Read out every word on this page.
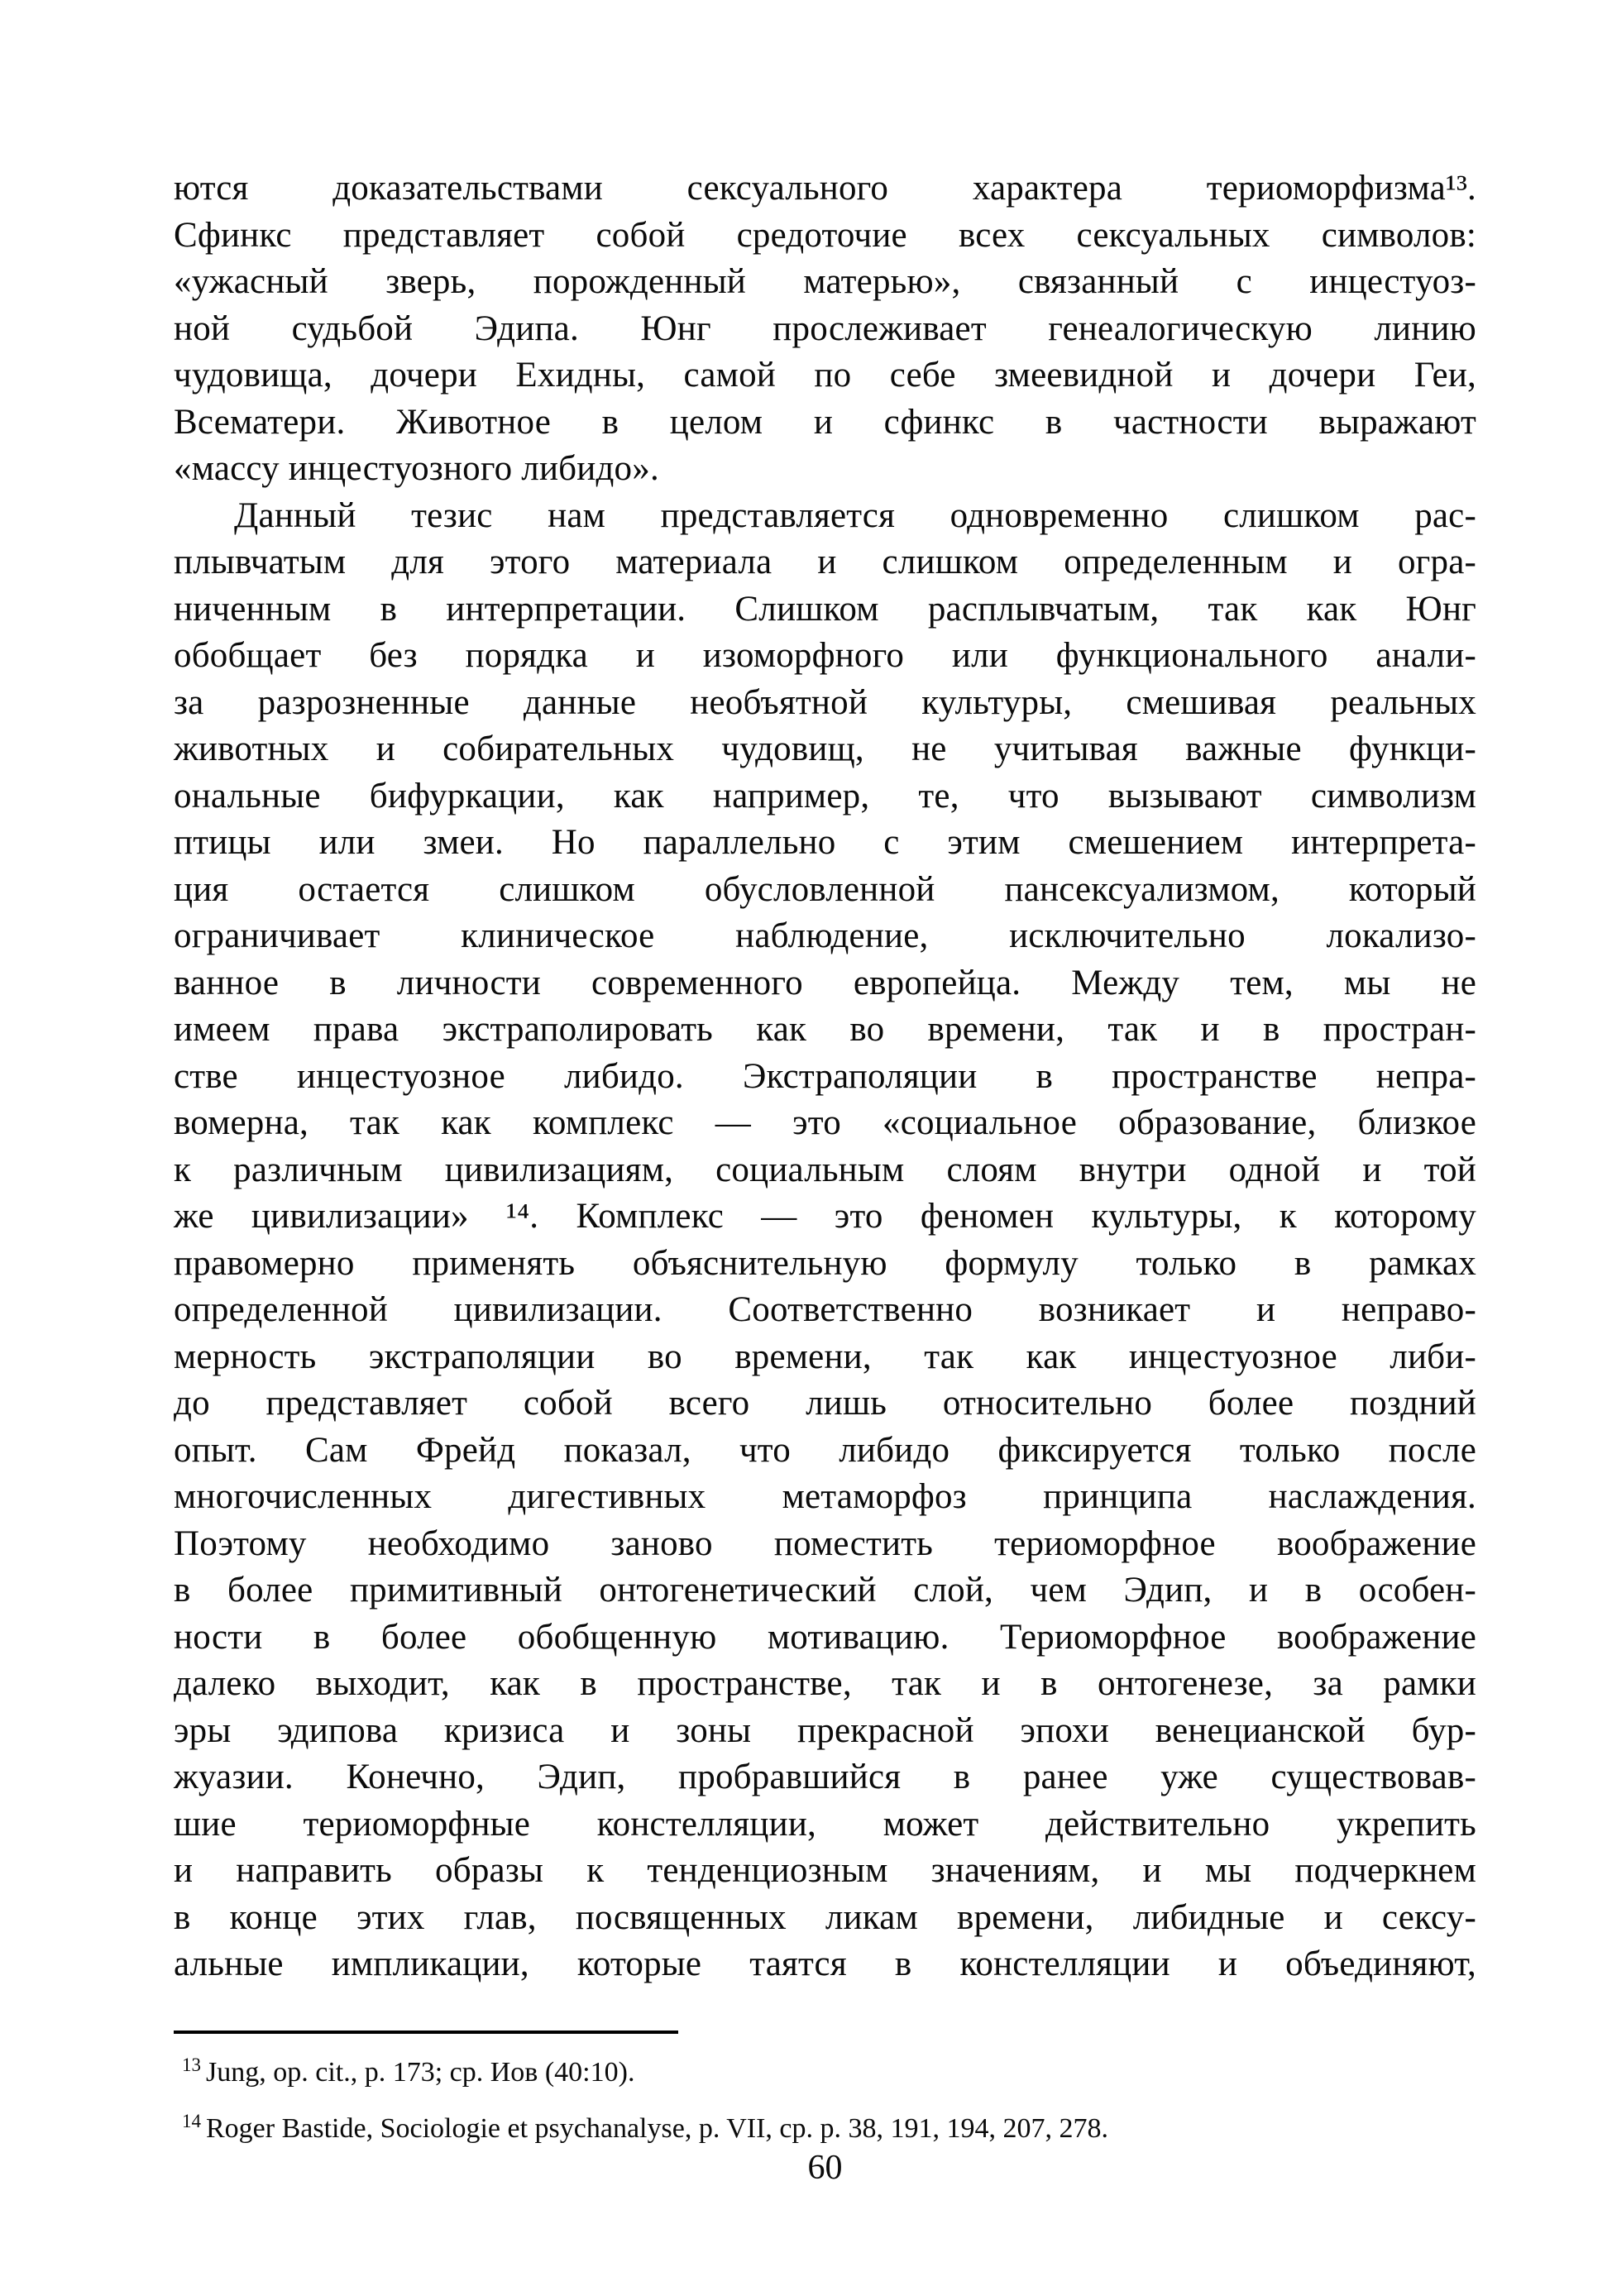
ются доказательствами сексуального характера териоморфизма¹³.
Сфинкс представляет собой средоточие всех сексуальных символов:
«ужасный зверь, порожденный матерью», связанный с инцестуоз-
ной судьбой Эдипа. Юнг прослеживает генеалогическую линию
чудовища, дочери Ехидны, самой по себе змеевидной и дочери Геи,
Всематери. Животное в целом и сфинкс в частности выражают
«массу инцестуозного либидо».
Данный тезис нам представляется одновременно слишком рас-
плывчатым для этого материала и слишком определенным и огра-
ниченным в интерпретации. Слишком расплывчатым, так как Юнг
обобщает без порядка и изоморфного или функционального анали-
за разрозненные данные необъятной культуры, смешивая реальных
животных и собирательных чудовищ, не учитывая важные функци-
ональные бифуркации, как например, те, что вызывают символизм
птицы или змеи. Но параллельно с этим смешением интерпрета-
ция остается слишком обусловленной пансексуализмом, который
ограничивает клиническое наблюдение, исключительно локализо-
ванное в личности современного европейца. Между тем, мы не
имеем права экстраполировать как во времени, так и в простран-
стве инцестуозное либидо. Экстраполяции в пространстве непра-
вомерна, так как комплекс — это «социальное образование, близкое
к различным цивилизациям, социальным слоям внутри одной и той
же цивилизации» ¹⁴. Комплекс — это феномен культуры, к которому
правомерно применять объяснительную формулу только в рамках
определенной цивилизации. Соответственно возникает и неправо-
мерность экстраполяции во времени, так как инцестуозное либи-
до представляет собой всего лишь относительно более поздний
опыт. Сам Фрейд показал, что либидо фиксируется только после
многочисленных дигестивных метаморфоз принципа наслаждения.
Поэтому необходимо заново поместить териоморфное воображение
в более примитивный онтогенетический слой, чем Эдип, и в особен-
ности в более обобщенную мотивацию. Териоморфное воображение
далеко выходит, как в пространстве, так и в онтогенезе, за рамки
эры эдипова кризиса и зоны прекрасной эпохи венецианской бур-
жуазии. Конечно, Эдип, пробравшийся в ранее уже существовав-
шие териоморфные констелляции, может действительно укрепить
и направить образы к тенденциозным значениям, и мы подчеркнем
в конце этих глав, посвященных ликам времени, либидные и сексу-
альные импликации, которые таятся в констелляции и объединяют,
$^{13}$ Jung, op. cit., p. 173; ср. Иов (40:10).
$^{14}$ Roger Bastide, Sociologie et psychanalyse, p. VII, ср. p. 38, 191, 194, 207, 278.
60
